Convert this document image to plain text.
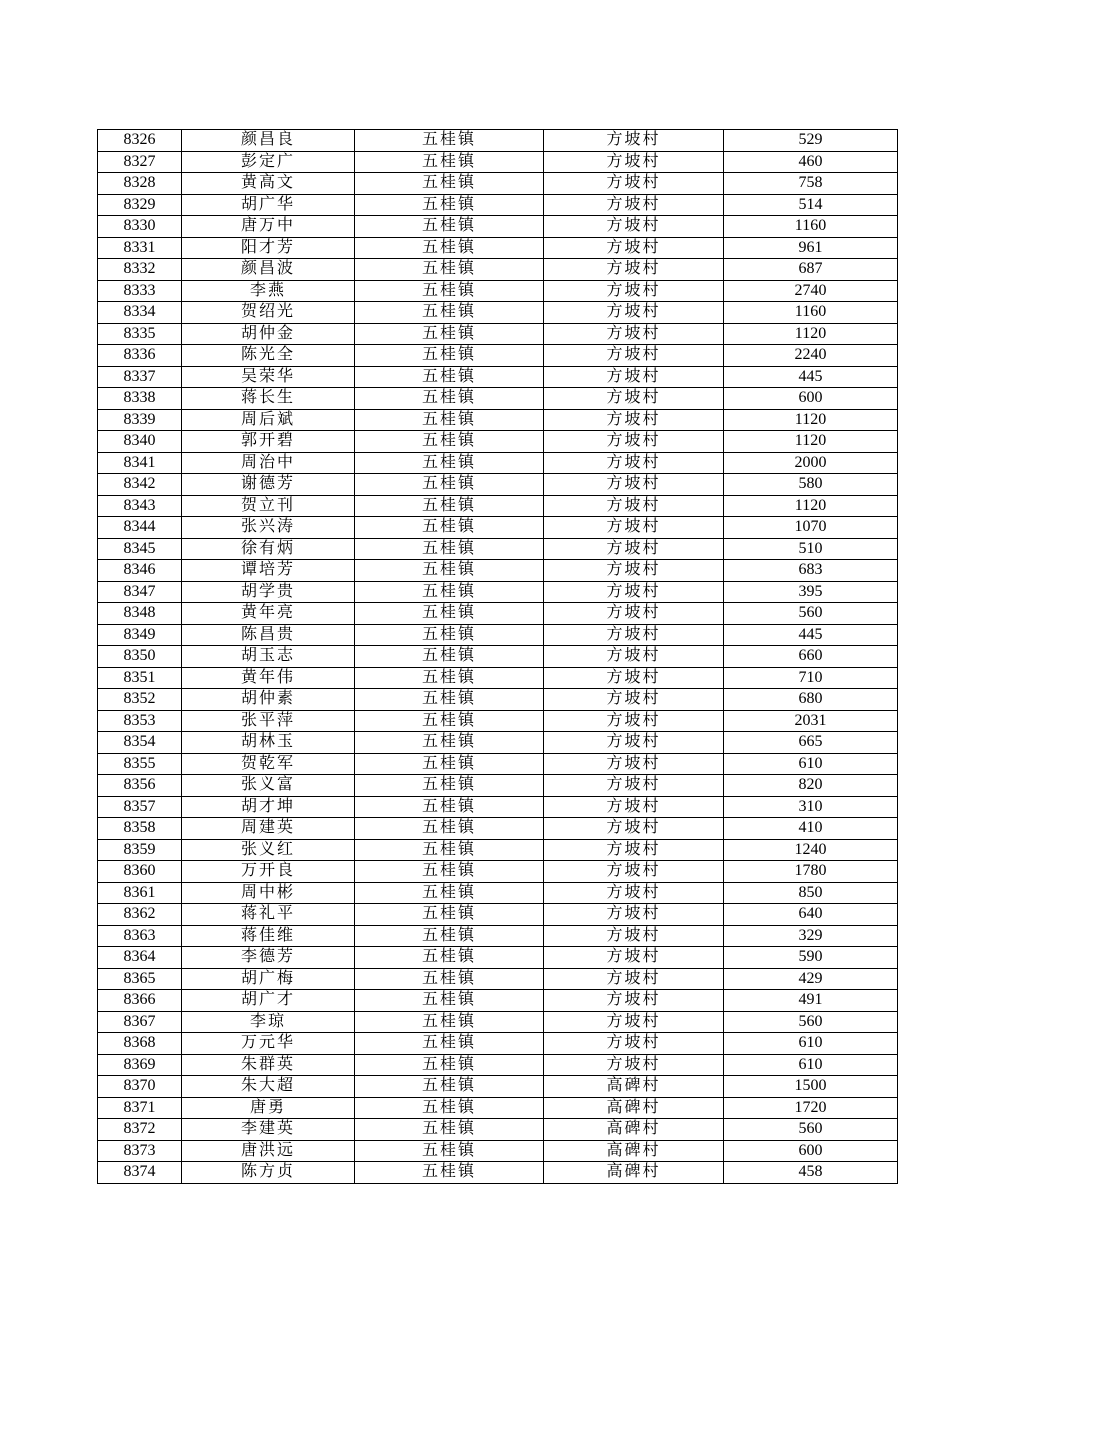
8326	颜昌良	五桂镇	方坡村	529
8327	彭定广	五桂镇	方坡村	460
8328	黄高文	五桂镇	方坡村	758
8329	胡广华	五桂镇	方坡村	514
8330	唐万中	五桂镇	方坡村	1160
8331	阳才芳	五桂镇	方坡村	961
8332	颜昌波	五桂镇	方坡村	687
8333	李燕	五桂镇	方坡村	2740
8334	贺绍光	五桂镇	方坡村	1160
8335	胡仲金	五桂镇	方坡村	1120
8336	陈光全	五桂镇	方坡村	2240
8337	吴荣华	五桂镇	方坡村	445
8338	蒋长生	五桂镇	方坡村	600
8339	周后斌	五桂镇	方坡村	1120
8340	郭开碧	五桂镇	方坡村	1120
8341	周治中	五桂镇	方坡村	2000
8342	谢德芳	五桂镇	方坡村	580
8343	贺立刊	五桂镇	方坡村	1120
8344	张兴涛	五桂镇	方坡村	1070
8345	徐有炳	五桂镇	方坡村	510
8346	谭培芳	五桂镇	方坡村	683
8347	胡学贵	五桂镇	方坡村	395
8348	黄年亮	五桂镇	方坡村	560
8349	陈昌贵	五桂镇	方坡村	445
8350	胡玉志	五桂镇	方坡村	660
8351	黄年伟	五桂镇	方坡村	710
8352	胡仲素	五桂镇	方坡村	680
8353	张平萍	五桂镇	方坡村	2031
8354	胡林玉	五桂镇	方坡村	665
8355	贺乾军	五桂镇	方坡村	610
8356	张义富	五桂镇	方坡村	820
8357	胡才坤	五桂镇	方坡村	310
8358	周建英	五桂镇	方坡村	410
8359	张义红	五桂镇	方坡村	1240
8360	万开良	五桂镇	方坡村	1780
8361	周中彬	五桂镇	方坡村	850
8362	蒋礼平	五桂镇	方坡村	640
8363	蒋佳维	五桂镇	方坡村	329
8364	李德芳	五桂镇	方坡村	590
8365	胡广梅	五桂镇	方坡村	429
8366	胡广才	五桂镇	方坡村	491
8367	李琼	五桂镇	方坡村	560
8368	万元华	五桂镇	方坡村	610
8369	朱群英	五桂镇	方坡村	610
8370	朱大超	五桂镇	高碑村	1500
8371	唐勇	五桂镇	高碑村	1720
8372	李建英	五桂镇	高碑村	560
8373	唐洪远	五桂镇	高碑村	600
8374	陈方贞	五桂镇	高碑村	458
